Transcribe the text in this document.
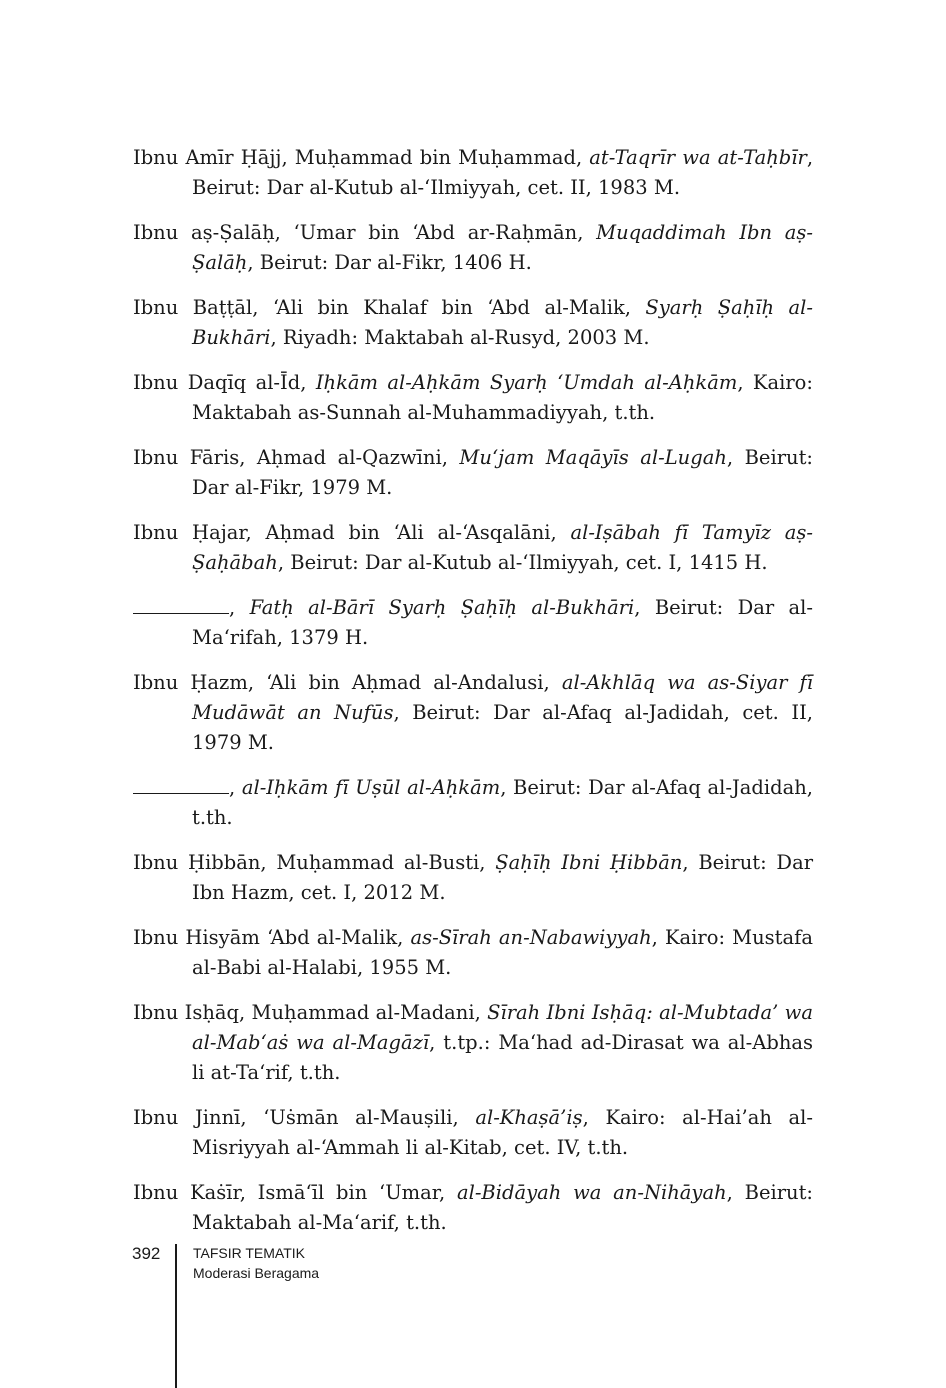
Ibnu Amīr Ḥājj, Muḥammad bin Muḥammad, at-Taqrīr wa at-Taḥbīr, Beirut: Dar al-Kutub al-‘Ilmiyyah, cet. II, 1983 M.

Ibnu aṣ-Ṣalāḥ, ‘Umar bin ‘Abd ar-Raḥmān, Muqaddimah Ibn aṣ-Ṣalāḥ, Beirut: Dar al-Fikr, 1406 H.

Ibnu Baṭṭāl, ‘Ali bin Khalaf bin ‘Abd al-Malik, Syarḥ Ṣaḥīḥ al-Bukhāri, Riyadh: Maktabah al-Rusyd, 2003 M.

Ibnu Daqīq al-Īd, Iḥkām al-Aḥkām Syarḥ ‘Umdah al-Aḥkām, Kairo: Maktabah as-Sunnah al-Muhammadiyyah, t.th.

Ibnu Fāris, Aḥmad al-Qazwīni, Mu‘jam Maqāyīs al-Lugah, Beirut: Dar al-Fikr, 1979 M.

Ibnu Ḥajar, Aḥmad bin ‘Ali al-‘Asqalāni, al-Iṣābah fī Tamyīz aṣ-Ṣaḥābah, Beirut: Dar al-Kutub al-‘Ilmiyyah, cet. I, 1415 H.

, Fatḥ al-Bārī Syarḥ Ṣaḥīḥ al-Bukhāri, Beirut: Dar al-Ma‘rifah, 1379 H.

Ibnu Ḥazm, ‘Ali bin Aḥmad al-Andalusi, al-Akhlāq wa as-Siyar fī Mudāwāt an Nufūs, Beirut: Dar al-Afaq al-Jadidah, cet. II, 1979 M.

, al-Iḥkām fī Uṣūl al-Aḥkām, Beirut: Dar al-Afaq al-Jadidah, t.th.

Ibnu Ḥibbān, Muḥammad al-Busti, Ṣaḥīḥ Ibni Ḥibbān, Beirut: Dar Ibn Hazm, cet. I, 2012 M.

Ibnu Hisyām ‘Abd al-Malik, as-Sīrah an-Nabawiyyah, Kairo: Mustafa al-Babi al-Halabi, 1955 M.

Ibnu Isḥāq, Muḥammad al-Madani, Sīrah Ibni Isḥāq: al-Mubtada’ wa al-Mab‘aṡ wa al-Magāzī, t.tp.: Ma‘had ad-Dirasat wa al-Abhas li at-Ta‘rif, t.th.

Ibnu Jinnī, ‘Uṡmān al-Mauṣili, al-Khaṣā’iṣ, Kairo: al-Hai’ah al-Misriyyah al-‘Ammah li al-Kitab, cet. IV, t.th.

Ibnu Kaṡīr, Ismā‘īl bin ‘Umar, al-Bidāyah wa an-Nihāyah, Beirut: Maktabah al-Ma‘arif, t.th.

392 TAFSIR TEMATIK
Moderasi Beragama
